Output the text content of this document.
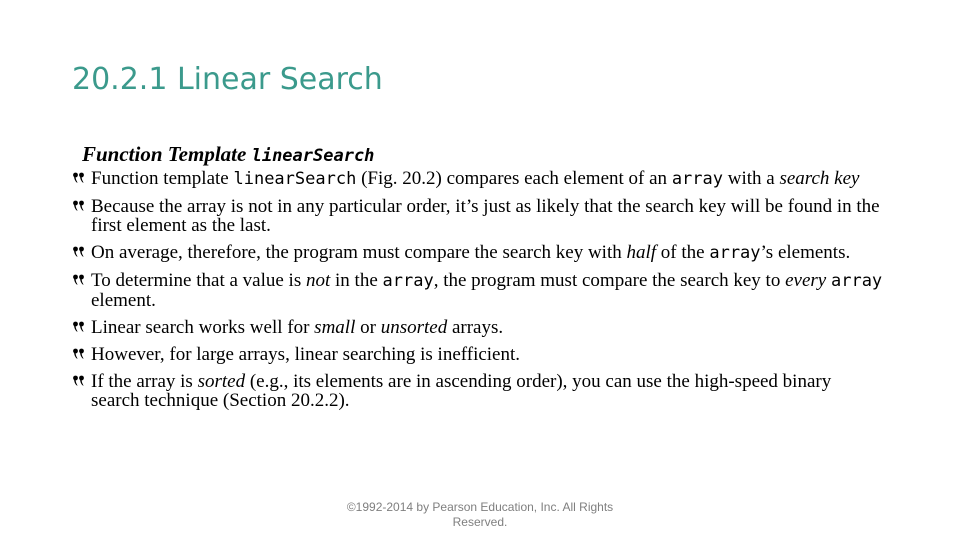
20.2.1 Linear Search

Function Template linearSearch

Function template linearSearch (Fig. 20.2) compares each element of an array with a search key
Because the array is not in any particular order, it’s just as likely that the search key will be found in the first element as the last.
On average, therefore, the program must compare the search key with half of the array’s elements.
To determine that a value is not in the array, the program must compare the search key to every array element.
Linear search works well for small or unsorted arrays.
However, for large arrays, linear searching is inefficient.
If the array is sorted (e.g., its elements are in ascending order), you can use the high-speed binary search technique (Section 20.2.2).

©1992-2014 by Pearson Education, Inc. All Rights
Reserved.
